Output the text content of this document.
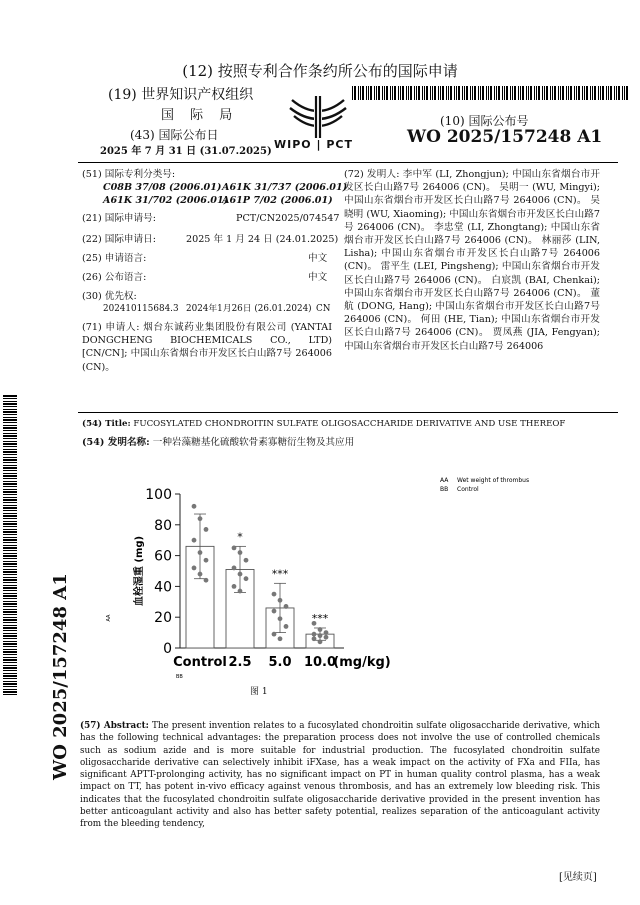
(12) 按照专利合作条约所公布的国际申请
(19) 世界知识产权组织
国 际 局
WIPO | PCT
(43) 国际公布日
2025 年 7 月 31 日 (31.07.2025)
(10) 国际公布号
WO 2025/157248 A1
(51) 国际专利分类号:
C08B 37/08 (2006.01) A61K 31/737 (2006.01)
A61K 31/702 (2006.01)
A61P 7/02 (2006.01)
(21) 国际申请号:	PCT/CN2025/074547
(22) 国际申请日:	2025 年 1 月 24 日 (24.01.2025)
(25) 申请语言:	中文
(26) 公布语言:	中文
(30) 优先权:
202410115684.3 2024年1月26日 (26.01.2024) CN
(71) 申请人: 烟台东诚药业集团股份有限公司 (YANTAI DONGCHENG BIOCHEMICALS CO., LTD) [CN/CN]; 中国山东省烟台市开发区长白山路7号 264006 (CN)。
(72) 发明人: 李中军 (LI, Zhongjun); 中国山东省烟台市开发区长白山路7号 264006 (CN)。 吴明一 (WU, Mingyi); 中国山东省烟台市开发区长白山路7号 264006 (CN)。 吴晓明 (WU, Xiaoming); 中国山东省烟台市开发区长白山路7号 264006 (CN)。 李忠堂 (LI, Zhongtang); 中国山东省烟台市开发区长白山路7号 264006 (CN)。 林丽莎 (LIN, Lisha); 中国山东省烟台市开发区长白山路7号 264006 (CN)。 雷平生 (LEI, Pingsheng); 中国山东省烟台市开发区长白山路7号 264006 (CN)。 白宸凯 (BAI, Chenkai); 中国山东省烟台市开发区长白山路7号 264006 (CN)。 董航 (DONG, Hang); 中国山东省烟台市开发区长白山路7号 264006 (CN)。 何田 (HE, Tian); 中国山东省烟台市开发区长白山路7号 264006 (CN)。 贾凤燕 (JIA, Fengyan); 中国山东省烟台市开发区长白山路7号 264006
(54) Title: FUCOSYLATED CHONDROITIN SULFATE OLIGOSACCHARIDE DERIVATIVE AND USE THEREOF
(54) 发明名称: 一种岩藻糖基化硫酸软骨素寡糖衍生物及其应用
WO 2025/157248 A1
AA Wet weight of thrombus
BB Control
0
20
40
60
80
100
血栓湿重 (mg)
AA
Control
*
2.5
***
5.0
***
10.0
(mg/kg)
BB
图 1
(57) Abstract: The present invention relates to a fucosylated chondroitin sulfate oligosaccharide derivative, which has the following technical advantages: the preparation process does not involve the use of controlled chemicals such as sodium azide and is more suitable for industrial production. The fucosylated chondroitin sulfate oligosaccharide derivative can selectively inhibit iFXase, has a weak impact on the activity of FXa and FIIa, has significant APTT-prolonging activity, has no significant impact on PT in human quality control plasma, has a weak impact on TT, has potent in-vivo efficacy against venous thrombosis, and has an extremely low bleeding risk. This indicates that the fucosylated chondroitin sulfate oligosaccharide derivative provided in the present invention has better anticoagulant activity and also has better safety potential, realizes separation of the anticoagulant activity from the bleeding tendency,
[见续页]
